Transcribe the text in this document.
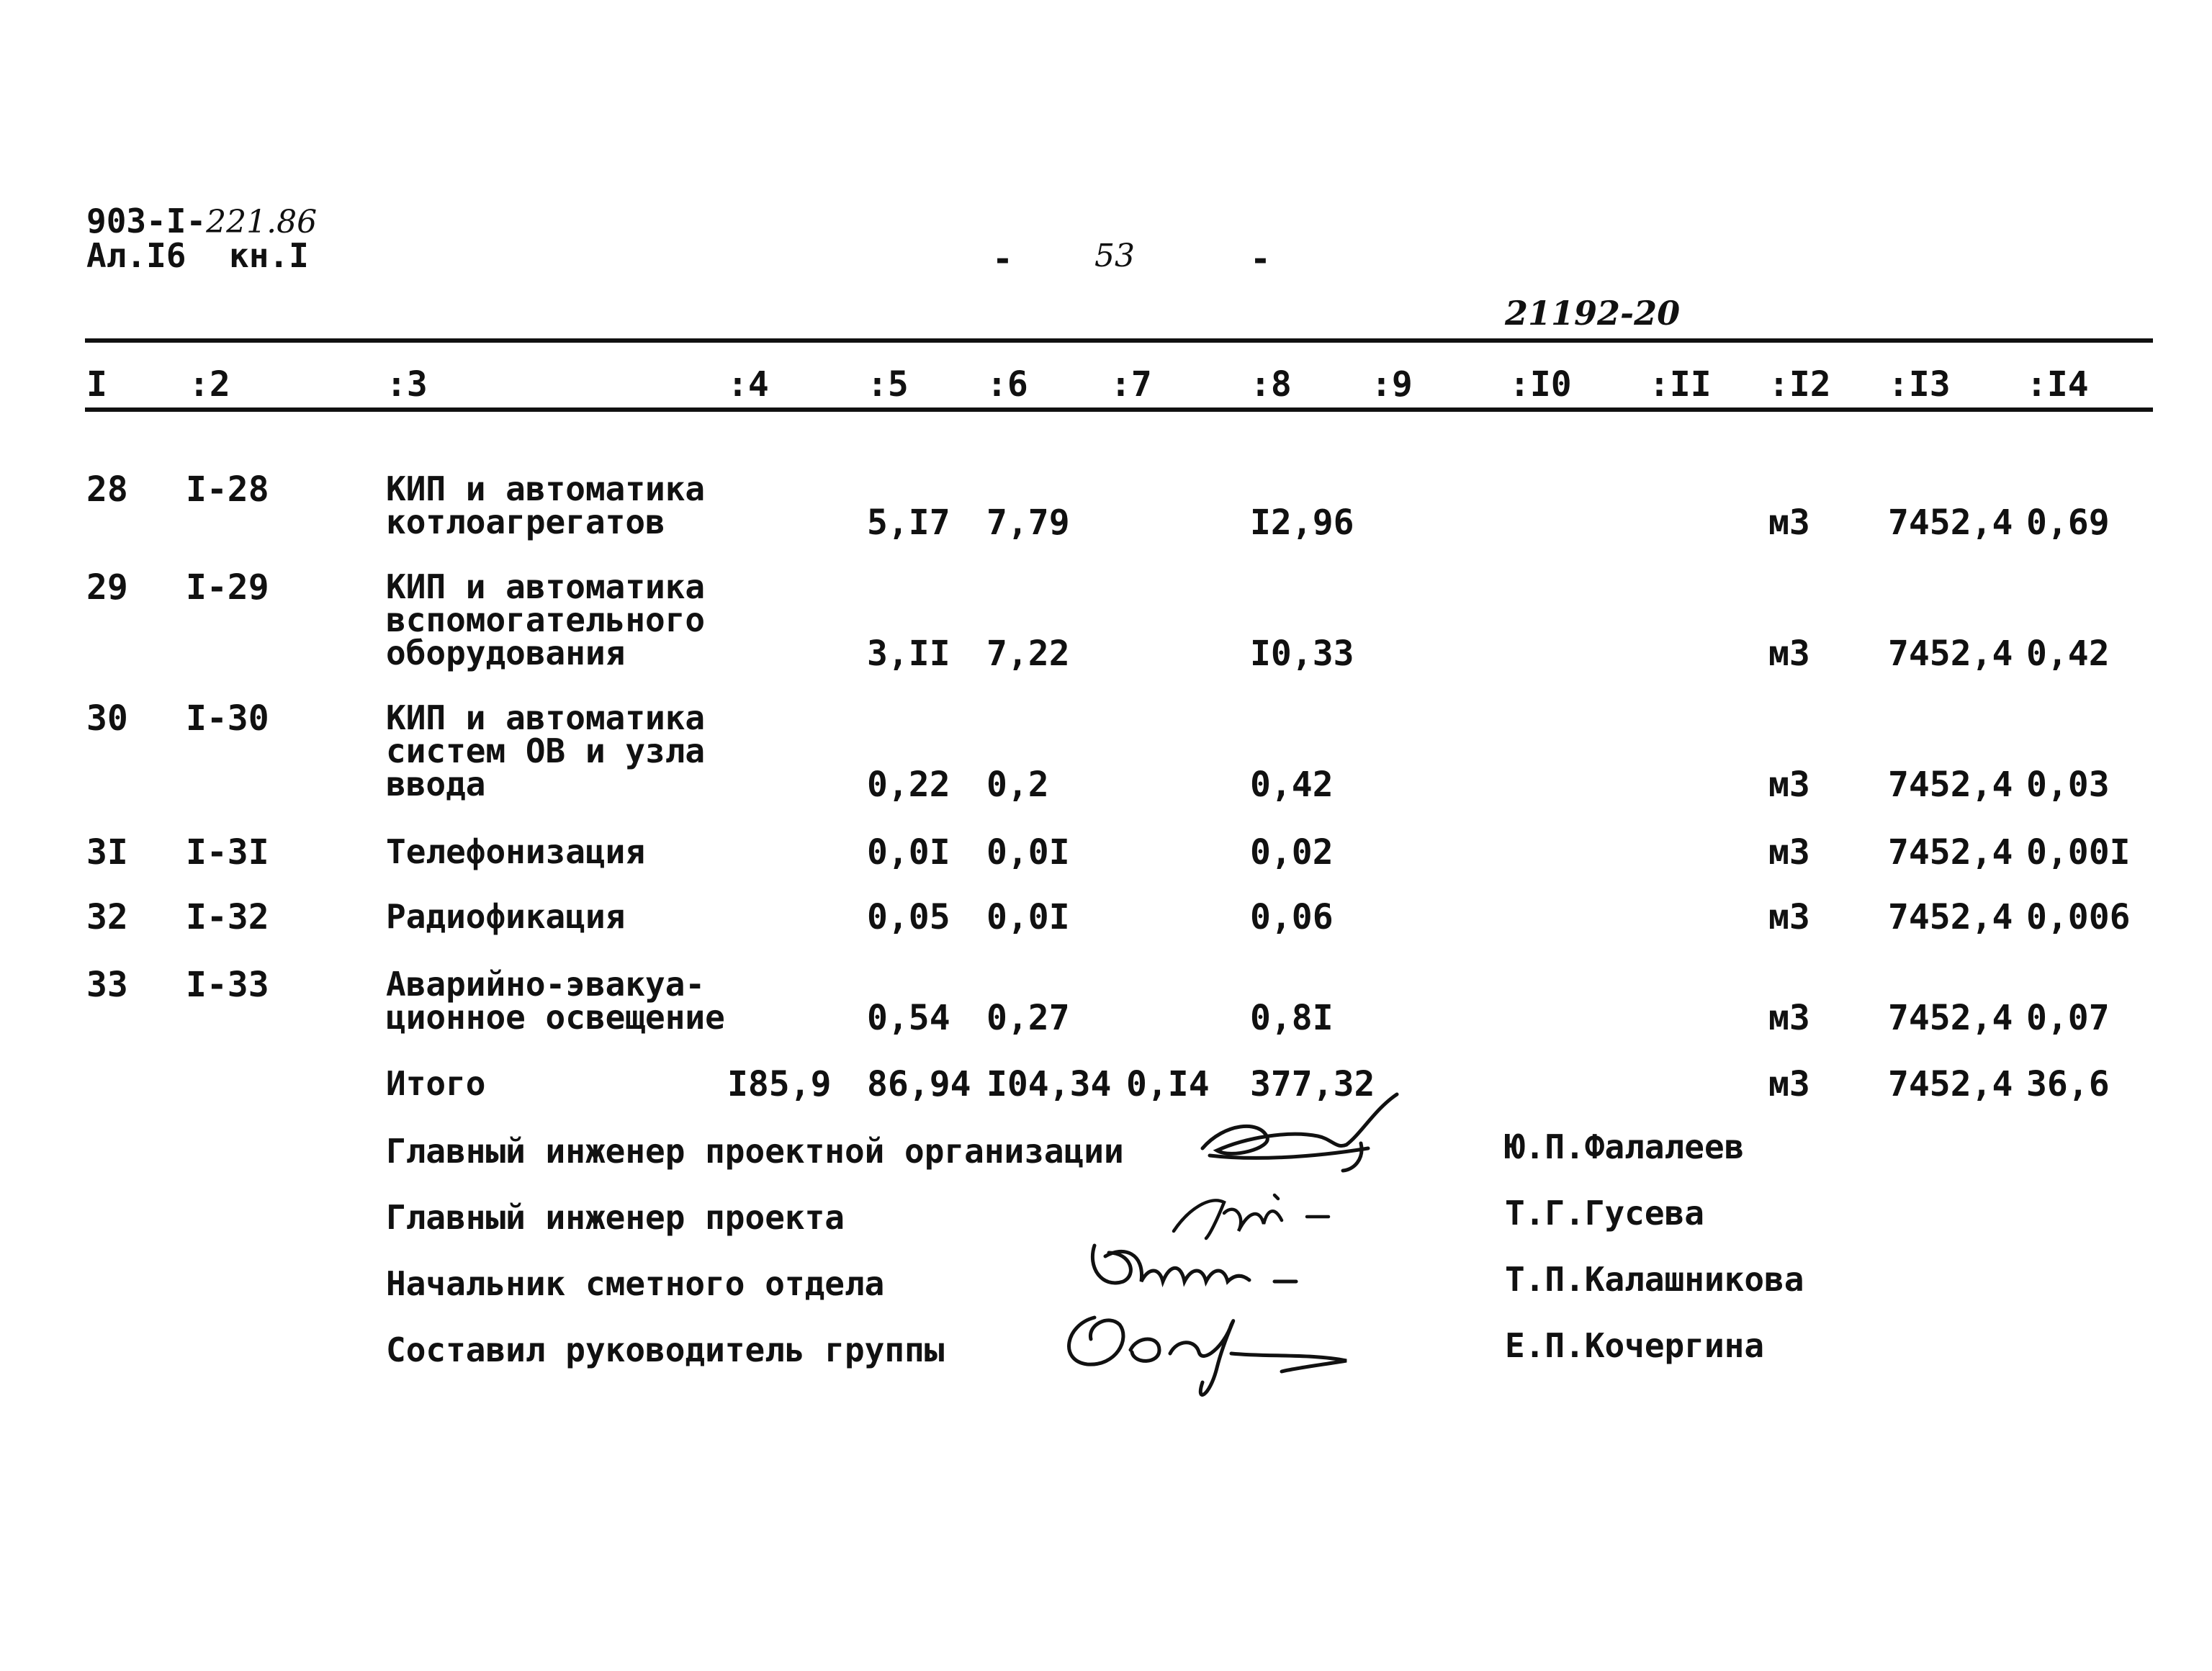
903-I-221.86
Ал.I6 кн.I	-	53	-
21192-20
I :2	:3	:4	:5 :6 :7	:8 :9	:I0 :II :I2 :I3 :I4
28 I-28	КИП и автоматика
котлоагрегатов	5,I7 7,79	I2,96	м3 7452,4 0,69
29 I-29	КИП и автоматика
вспомогательного
оборудования	3,II 7,22	I0,33	м3 7452,4 0,42
30 I-30	КИП и автоматика
систем ОВ и узла
ввода	0,22 0,2	0,42	м3 7452,4 0,03
3I I-3I	Телефонизация	0,0I 0,0I	0,02	м3 7452,4 0,00I
32 I-32	Радиофикация	0,05 0,0I	0,06	м3 7452,4 0,006
33 I-33	Аварийно-эвакуа-
ционное освещение	0,54 0,27	0,8I	м3 7452,4 0,07
Итого	I85,9 86,94 I04,34 0,I4 377,32	м3 7452,4 36,6
Главный инженер проектной организации	Ю.П.Фалалеев
Главный инженер проекта	Т.Г.Гусева
Начальник сметного отдела	Т.П.Калашникова
Составил руководитель группы	Е.П.Кочергина
